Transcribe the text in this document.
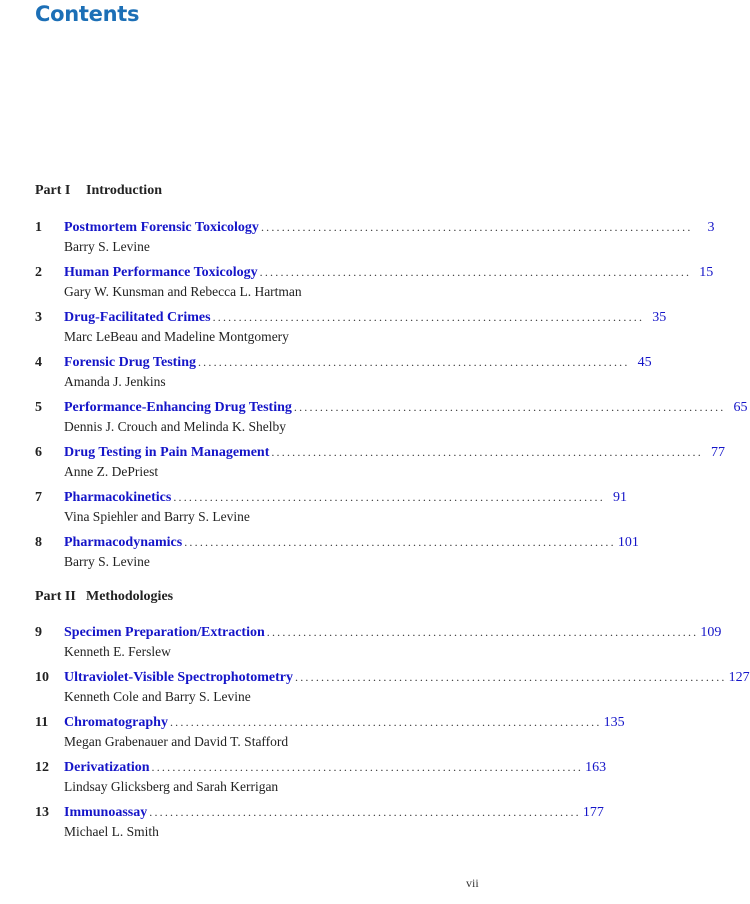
Contents
Part I Introduction
1	Postmortem Forensic Toxicology ...................................................................................	3
Barry S. Levine
2	Human Performance Toxicology ................................................................................... 15
Gary W. Kunsman and Rebecca L. Hartman
3	Drug-Facilitated Crimes ................................................................................... 35
Marc LeBeau and Madeline Montgomery
4	Forensic Drug Testing ................................................................................... 45
Amanda J. Jenkins
5	Performance-Enhancing Drug Testing ................................................................................... 65
Dennis J. Crouch and Melinda K. Shelby
6	Drug Testing in Pain Management ................................................................................... 77
Anne Z. DePriest
7	Pharmacokinetics ................................................................................... 91
Vina Spiehler and Barry S. Levine
8	Pharmacodynamics ................................................................................... 101
Barry S. Levine
Part II Methodologies
9	Specimen Preparation/Extraction ................................................................................... 109
Kenneth E. Ferslew
10	Ultraviolet-Visible Spectrophotometry ................................................................................... 127
Kenneth Cole and Barry S. Levine
11	Chromatography ................................................................................... 135
Megan Grabenauer and David T. Stafford
12	Derivatization ................................................................................... 163
Lindsay Glicksberg and Sarah Kerrigan
13	Immunoassay ................................................................................... 177
Michael L. Smith
vii
